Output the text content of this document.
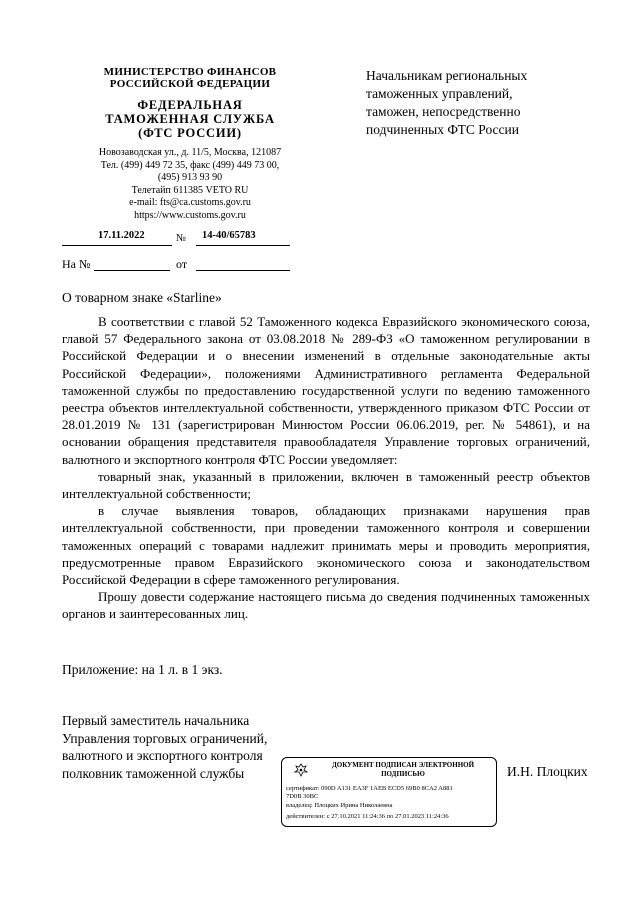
МИНИСТЕРСТВО ФИНАНСОВ
РОССИЙСКОЙ ФЕДЕРАЦИИ
ФЕДЕРАЛЬНАЯ
ТАМОЖЕННАЯ СЛУЖБА
(ФТС РОССИИ)
Новозаводская ул., д. 11/5, Москва, 121087
Тел. (499) 449 72 35, факс (499) 449 73 00,
(495) 913 93 90
Телетайп 611385 VETO RU
e-mail: fts@ca.customs.gov.ru
https://www.customs.gov.ru
17.11.2022	№ 14-40/65783
На №	от
Начальникам региональных
таможенных управлений,
таможен, непосредственно
подчиненных ФТС России
О товарном знаке «Starline»

В соответствии с главой 52 Таможенного кодекса Евразийского экономического союза, главой 57 Федерального закона от 03.08.2018 № 289-ФЗ «О таможенном регулировании в Российской Федерации и о внесении изменений в отдельные законодательные акты Российской Федерации», положениями Административного регламента Федеральной таможенной службы по предоставлению государственной услуги по ведению таможенного реестра объектов интеллектуальной собственности, утвержденного приказом ФТС России от 28.01.2019 № 131 (зарегистрирован Минюстом России 06.06.2019, рег. № 54861), и на основании обращения представителя правообладателя Управление торговых ограничений, валютного и экспортного контроля ФТС России уведомляет:

товарный знак, указанный в приложении, включен в таможенный реестр объектов интеллектуальной собственности;

в случае выявления товаров, обладающих признаками нарушения прав интеллектуальной собственности, при проведении таможенного контроля и совершении таможенных операций с товарами надлежит принимать меры и проводить мероприятия, предусмотренные правом Евразийского экономического союза и законодательством Российской Федерации в сфере таможенного регулирования.

Прошу довести содержание настоящего письма до сведения подчиненных таможенных органов и заинтересованных лиц.

Приложение: на 1 л. в 1 экз.
Первый заместитель начальника
Управления торговых ограничений,
валютного и экспортного контроля
полковник таможенной службы	И.Н. Плоцких
ДОКУМЕНТ ПОДПИСАН ЭЛЕКТРОННОЙ
ПОДПИСЬЮ
сертификат: 090D A131 EA3F 1AEB ECD5 69B0 8CA2 A881
7D0B 30BC
владелец: Плоцких Ирина Николаевна
действителен: с 27.10.2021 11:24:36 по 27.01.2023 11:24:36
